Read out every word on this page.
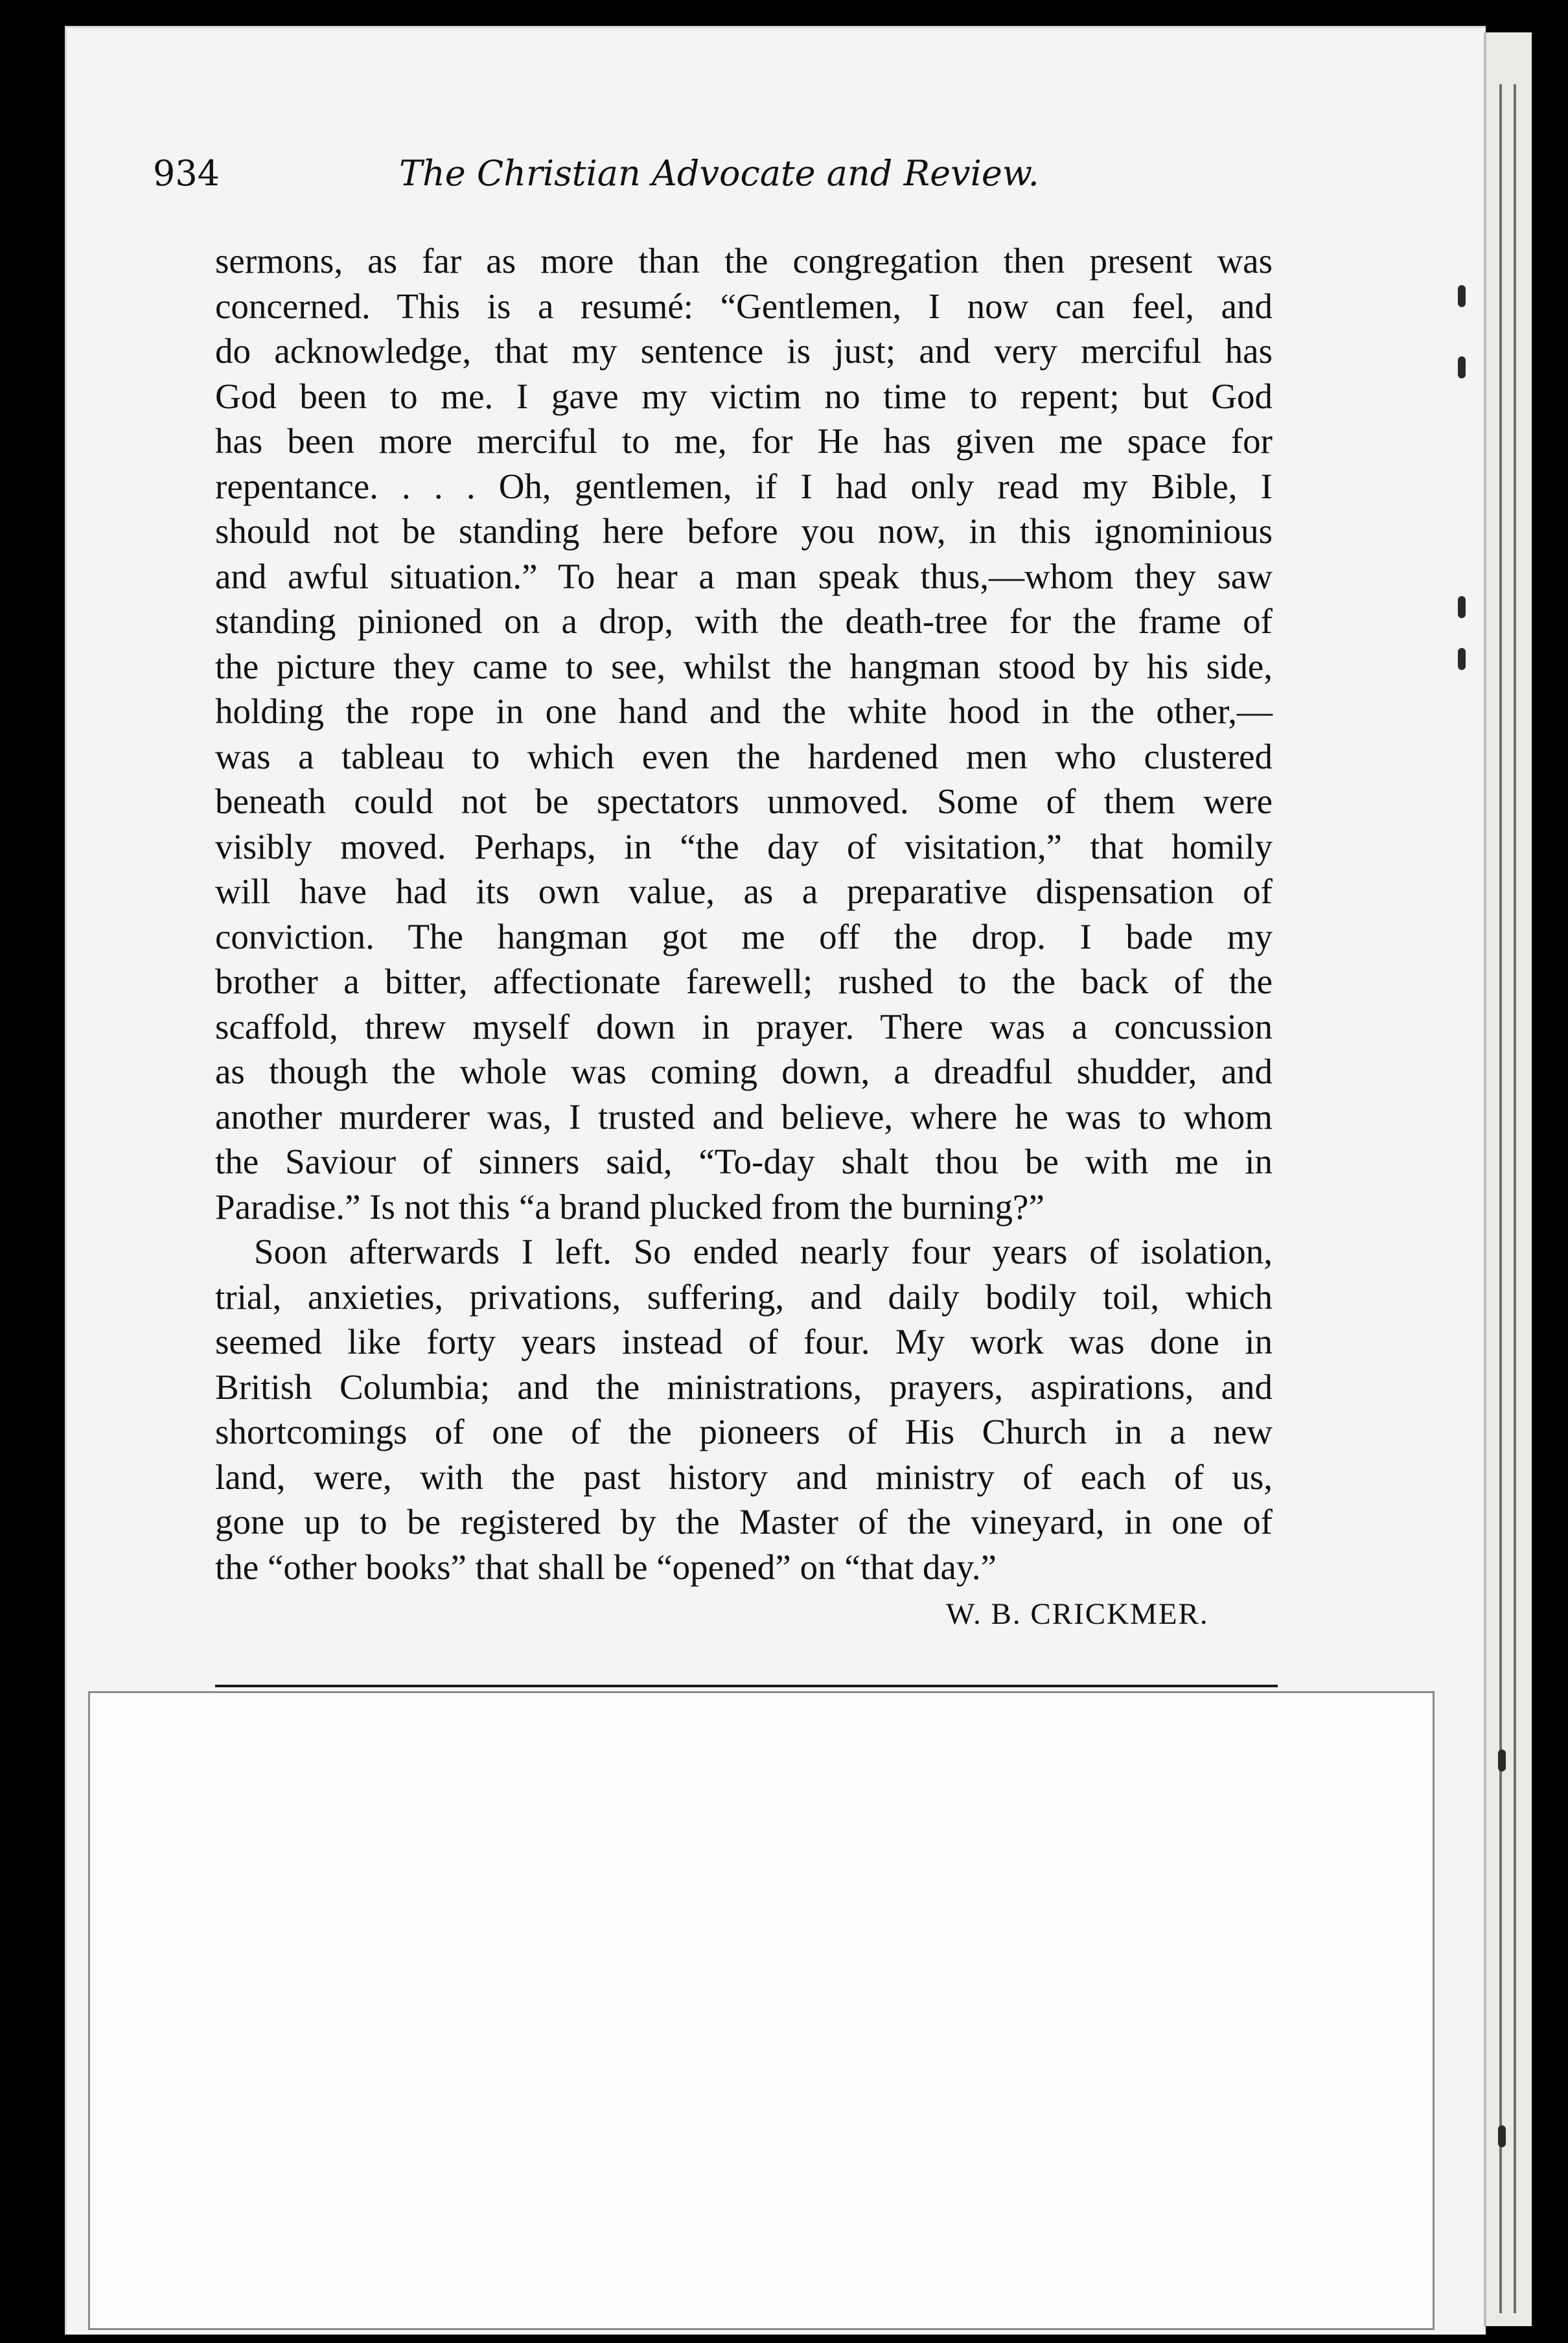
934	The Christian Advocate and Review.
sermons, as far as more than the congregation then present was
concerned. This is a resumé: “Gentlemen, I now can feel, and
do acknowledge, that my sentence is just; and very merciful has
God been to me. I gave my victim no time to repent; but God
has been more merciful to me, for He has given me space for
repentance. . . . Oh, gentlemen, if I had only read my Bible, I
should not be standing here before you now, in this ignominious
and awful situation.” To hear a man speak thus,—whom they saw
standing pinioned on a drop, with the death-tree for the frame of
the picture they came to see, whilst the hangman stood by his side,
holding the rope in one hand and the white hood in the other,—
was a tableau to which even the hardened men who clustered
beneath could not be spectators unmoved. Some of them were
visibly moved. Perhaps, in “the day of visitation,” that homily
will have had its own value, as a preparative dispensation of
conviction. The hangman got me off the drop. I bade my
brother a bitter, affectionate farewell; rushed to the back of the
scaffold, threw myself down in prayer. There was a concussion
as though the whole was coming down, a dreadful shudder, and
another murderer was, I trusted and believe, where he was to whom
the Saviour of sinners said, “To-day shalt thou be with me in
Paradise.” Is not this “a brand plucked from the burning?”
Soon afterwards I left. So ended nearly four years of isolation,
trial, anxieties, privations, suffering, and daily bodily toil, which
seemed like forty years instead of four. My work was done in
British Columbia; and the ministrations, prayers, aspirations, and
shortcomings of one of the pioneers of His Church in a new
land, were, with the past history and ministry of each of us,
gone up to be registered by the Master of the vineyard, in one of
the “other books” that shall be “opened” on “that day.”
W. B. CRICKMER.
